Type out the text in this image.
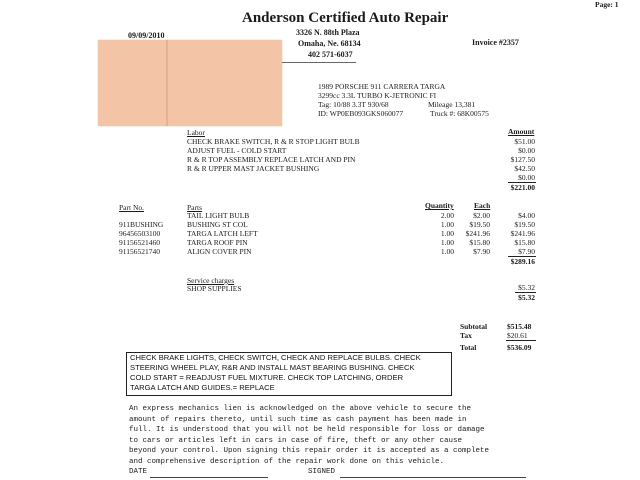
Page: 1
Anderson Certified Auto Repair
3326 N. 88th Plaza
Omaha, Ne. 68134
402 571-6037
09/09/2010
Invoice #2357
1989 PORSCHE 911 CARRERA TARGA
3299cc 3.3L TURBO K-JETRONIC FI
Tag: 10/88 3.3T 930/68	Mileage 13,381
ID: WP0EB093GKS060077	Truck #: 68K00575
Labor	Amount
CHECK BRAKE SWITCH, R & R STOP LIGHT BULB	$51.00
ADJUST FUEL - COLD START	$0.00
R & R TOP ASSEMBLY REPLACE LATCH AND PIN	$127.50
R & R UPPER MAST JACKET BUSHING	$42.50
$0.00
$221.00
Part No.	Parts	Quantity	Each
TAIL LIGHT BULB	2.00	$2.00	$4.00
911BUSHING	BUSHING ST COL	1.00	$19.50	$19.50
96456503100	TARGA LATCH LEFT	1.00	$241.96	$241.96
91156521460	TARGA ROOF PIN	1.00	$15.80	$15.80
91156521740	ALIGN COVER PIN	1.00	$7.90	$7.90
$289.16
Service charges
SHOP SUPPLIES	$5.32
$5.32
Subtotal	$515.48
Tax	$20.61
Total	$536.09
CHECK BRAKE LIGHTS, CHECK SWITCH, CHECK AND REPLACE BULBS. CHECK
STEERING WHEEL PLAY, R&R AND INSTALL MAST BEARING BUSHING. CHECK
COLD START = READJUST FUEL MIXTURE. CHECK TOP LATCHING, ORDER
TARGA LATCH AND GUIDES.= REPLACE
An express mechanics lien is acknowledged on the above vehicle to secure the
amount of repairs thereto, until such time as cash payment has been made in
full. It is understood that you will not be held responsible for loss or damage
to cars or articles left in cars in case of fire, theft or any other cause
beyond your control. Upon signing this repair order it is accepted as a complete
and comprehensive description of the repair work done on this vehicle.
DATE	SIGNED
